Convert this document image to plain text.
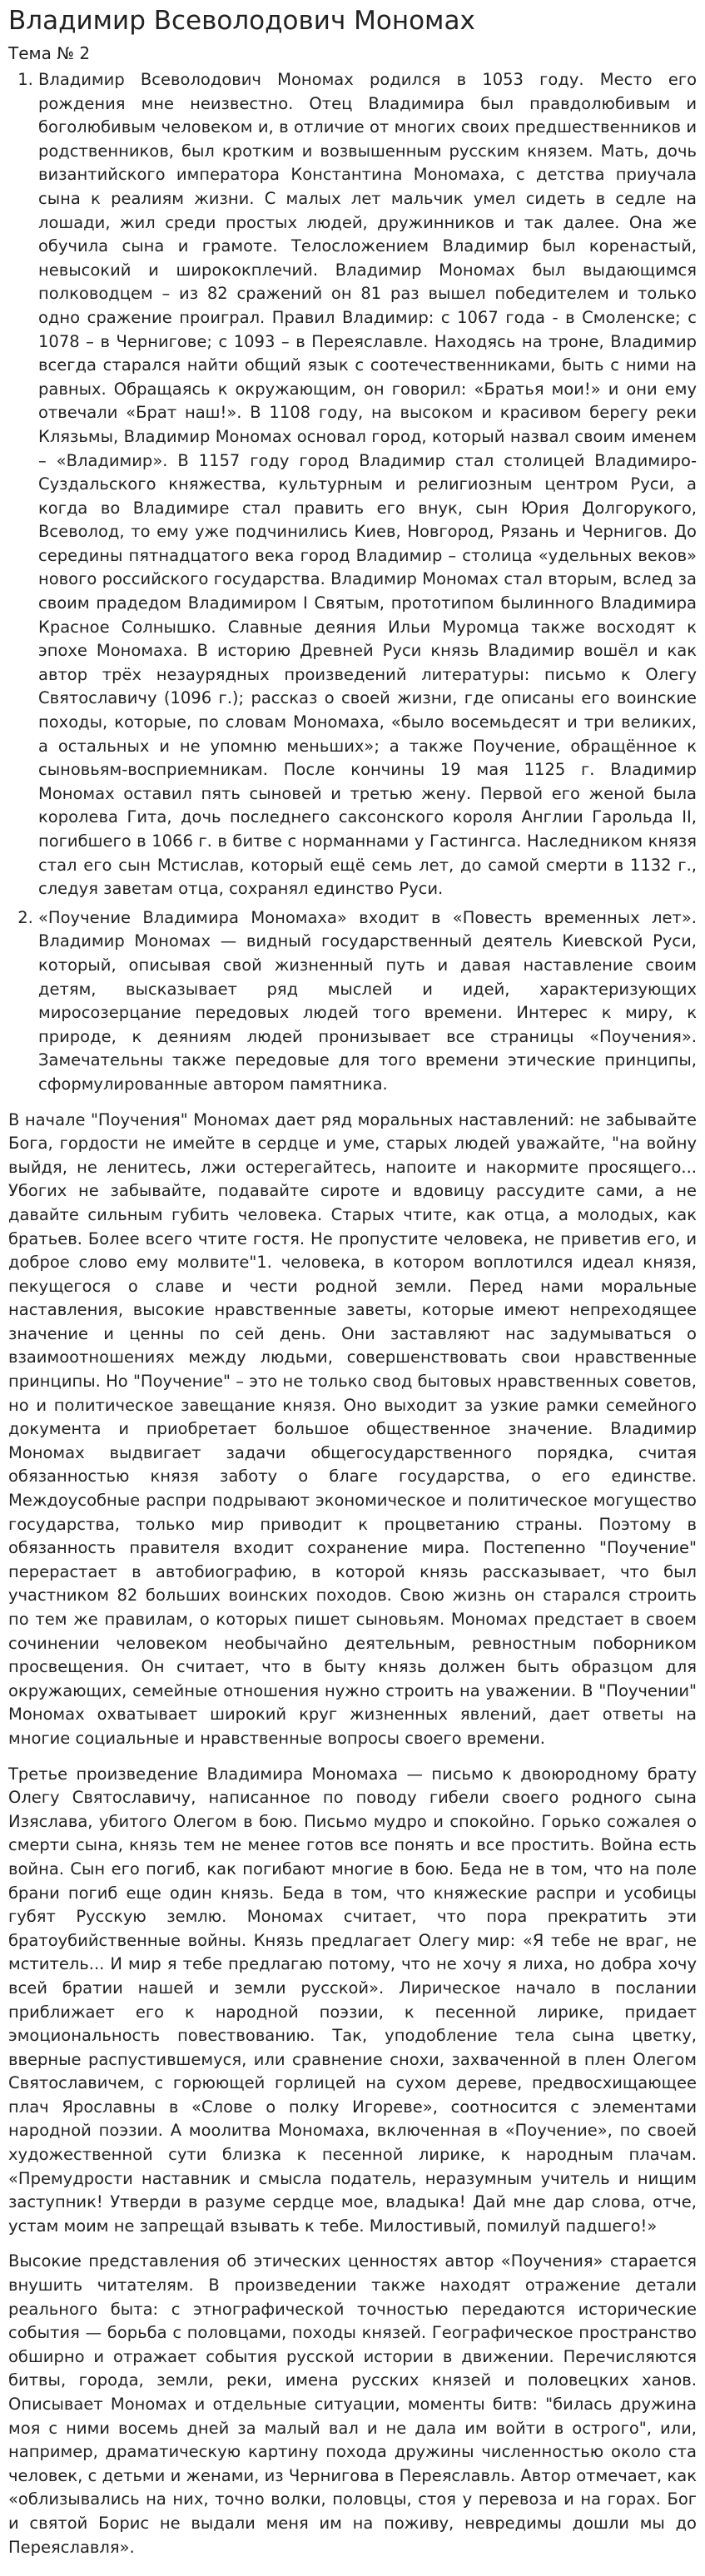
Владимир Всеволодович Мономах
Тема № 2
1. Владимир Всеволодович Мономах родился в 1053 году. Место его рождения мне неизвестно. Отец Владимира был правдолюбивым и боголюбивым человеком и, в отличие от многих своих предшественников и родственников, был кротким и возвышенным русским князем. Мать, дочь византийского императора Константина Мономаха, с детства приучала сына к реалиям жизни. С малых лет мальчик умел сидеть в седле на лошади, жил среди простых людей, дружинников и так далее. Она же обучила сына и грамоте. Телосложением Владимир был коренастый, невысокий и ширококплечий. Владимир Мономах был выдающимся полководцем – из 82 сражений он 81 раз вышел победителем и только одно сражение проиграл. Правил Владимир: с 1067 года - в Смоленске; с 1078 – в Чернигове; с 1093 – в Переяславле. Находясь на троне, Владимир всегда старался найти общий язык с соотечественниками, быть с ними на равных. Обращаясь к окружающим, он говорил: «Братья мои!» и они ему отвечали «Брат наш!». В 1108 году, на высоком и красивом берегу реки Клязьмы, Владимир Мономах основал город, который назвал своим именем – «Владимир». В 1157 году город Владимир стал столицей Владимиро-Суздальского княжества, культурным и религиозным центром Руси, а когда во Владимире стал править его внук, сын Юрия Долгорукого, Всеволод, то ему уже подчинились Киев, Новгород, Рязань и Чернигов. До середины пятнадцатого века город Владимир – столица «удельных веков» нового российского государства. Владимир Мономах стал вторым, вслед за своим прадедом Владимиром I Святым, прототипом былинного Владимира Красное Солнышко. Славные деяния Ильи Муромца также восходят к эпохе Мономаха. В историю Древней Руси князь Владимир вошёл и как автор трёх незаурядных произведений литературы: письмо к Олегу Святославичу (1096 г.); рассказ о своей жизни, где описаны его воинские походы, которые, по словам Мономаха, «было восемьдесят и три великих, а остальных и не упомню меньших»; а также Поучение, обращённое к сыновьям-восприемникам. После кончины 19 мая 1125 г. Владимир Мономах оставил пять сыновей и третью жену. Первой его женой была королева Гита, дочь последнего саксонского короля Англии Гарольда II, погибшего в 1066 г. в битве с норманнами у Гастингса. Наследником князя стал его сын Мстислав, который ещё семь лет, до самой смерти в 1132 г., следуя заветам отца, сохранял единство Руси.
2. «Поучение Владимира Мономаха» входит в «Повесть временных лет». Владимир Мономах — видный государственный деятель Киевской Руси, который, описывая свой жизненный путь и давая наставление своим детям, высказывает ряд мыслей и идей, характеризующих миросозерцание передовых людей того времени. Интерес к миру, к природе, к деяниям людей пронизывает все страницы «Поучения». Замечательны также передовые для того времени этические принципы, сформулированные автором памятника.

В начале "Поучения" Мономах дает ряд моральных наставлений: не забывайте Бога, гордости не имейте в сердце и уме, старых людей уважайте, "на войну выйдя, не ленитесь, лжи остерегайтесь, напоите и накормите просящего... Убогих не забывайте, подавайте сироте и вдовицу рассудите сами, а не давайте сильным губить человека. Старых чтите, как отца, а молодых, как братьев. Более всего чтите гостя. Не пропустите человека, не приветив его, и доброе слово ему молвите"1. человека, в котором воплотился идеал князя, пекущегося о славе и чести родной земли. Перед нами моральные наставления, высокие нравственные заветы, которые имеют непреходящее значение и ценны по сей день. Они заставляют нас задумываться о взаимоотношениях между людьми, совершенствовать свои нравственные принципы. Но "Поучение" – это не только свод бытовых нравственных советов, но и политическое завещание князя. Оно выходит за узкие рамки семейного документа и приобретает большое общественное значение. Владимир Мономах выдвигает задачи общегосударственного порядка, считая обязанностью князя заботу о благе государства, о его единстве. Междоусобные распри подрывают экономическое и политическое могущество государства, только мир приводит к процветанию страны. Поэтому в обязанность правителя входит сохранение мира. Постепенно "Поучение" перерастает в автобиографию, в которой князь рассказывает, что был участником 82 больших воинских походов. Свою жизнь он старался строить по тем же правилам, о которых пишет сыновьям. Мономах предстает в своем сочинении человеком необычайно деятельным, ревностным поборником просвещения. Он считает, что в быту князь должен быть образцом для окружающих, семейные отношения нужно строить на уважении. В "Поучении" Мономах охватывает широкий круг жизненных явлений, дает ответы на многие социальные и нравственные вопросы своего времени.

Третье произведение Владимира Мономаха — письмо к двоюродному брату Олегу Святославичу, написанное по поводу гибели своего родного сына Изяслава, убитого Олегом в бою. Письмо мудро и спокойно. Горько сожалея о смерти сына, князь тем не менее готов все понять и все простить. Война есть война. Сын его погиб, как погибают многие в бою. Беда не в том, что на поле брани погиб еще один князь. Беда в том, что княжеские распри и усобицы губят Русскую землю. Мономах считает, что пора прекратить эти братоубийственные войны. Князь предлагает Олегу мир: «Я тебе не враг, не мститель... И мир я тебе предлагаю потому, что не хочу я лиха, но добра хочу всей братии нашей и земли русской». Лирическое начало в послании приближает его к народной поэзии, к песенной лирике, придает эмоциональность повествованию. Так, уподобление тела сына цветку, вверные распустившемуся, или сравнение снохи, захваченной в плен Олегом Святославичем, с горюющей горлицей на сухом дереве, предвосхищающее плач Ярославны в «Слове о полку Игореве», соотносится с элементами народной поэзии. А моолитва Мономаха, включенная в «Поучение», по своей художественной сути близка к песенной лирике, к народным плачам. «Премудрости наставник и смысла податель, неразумным учитель и нищим заступник! Утверди в разуме сердце мое, владыка! Дай мне дар слова, отче, устам моим не запрещай взывать к тебе. Милостивый, помилуй падшего!»

Высокие представления об этических ценностях автор «Поучения» старается внушить читателям. В произведении также находят отражение детали реального быта: с этнографической точностью передаются исторические события — борьба с половцами, походы князей. Географическое пространство обширно и отражает события русской истории в движении. Перечисляются битвы, города, земли, реки, имена русских князей и половецких ханов. Описывает Мономах и отдельные ситуации, моменты битв: "билась дружина моя с ними восемь дней за малый вал и не дала им войти в острого", или, например, драматическую картину похода дружины численностью около ста человек, с детьми и женами, из Чернигова в Переяславль. Автор отмечает, как «облизывались на них, точно волки, половцы, стоя у перевоза и на горах. Бог и святой Борис не выдали меня им на поживу, невредимы дошли мы до Переяславля».
